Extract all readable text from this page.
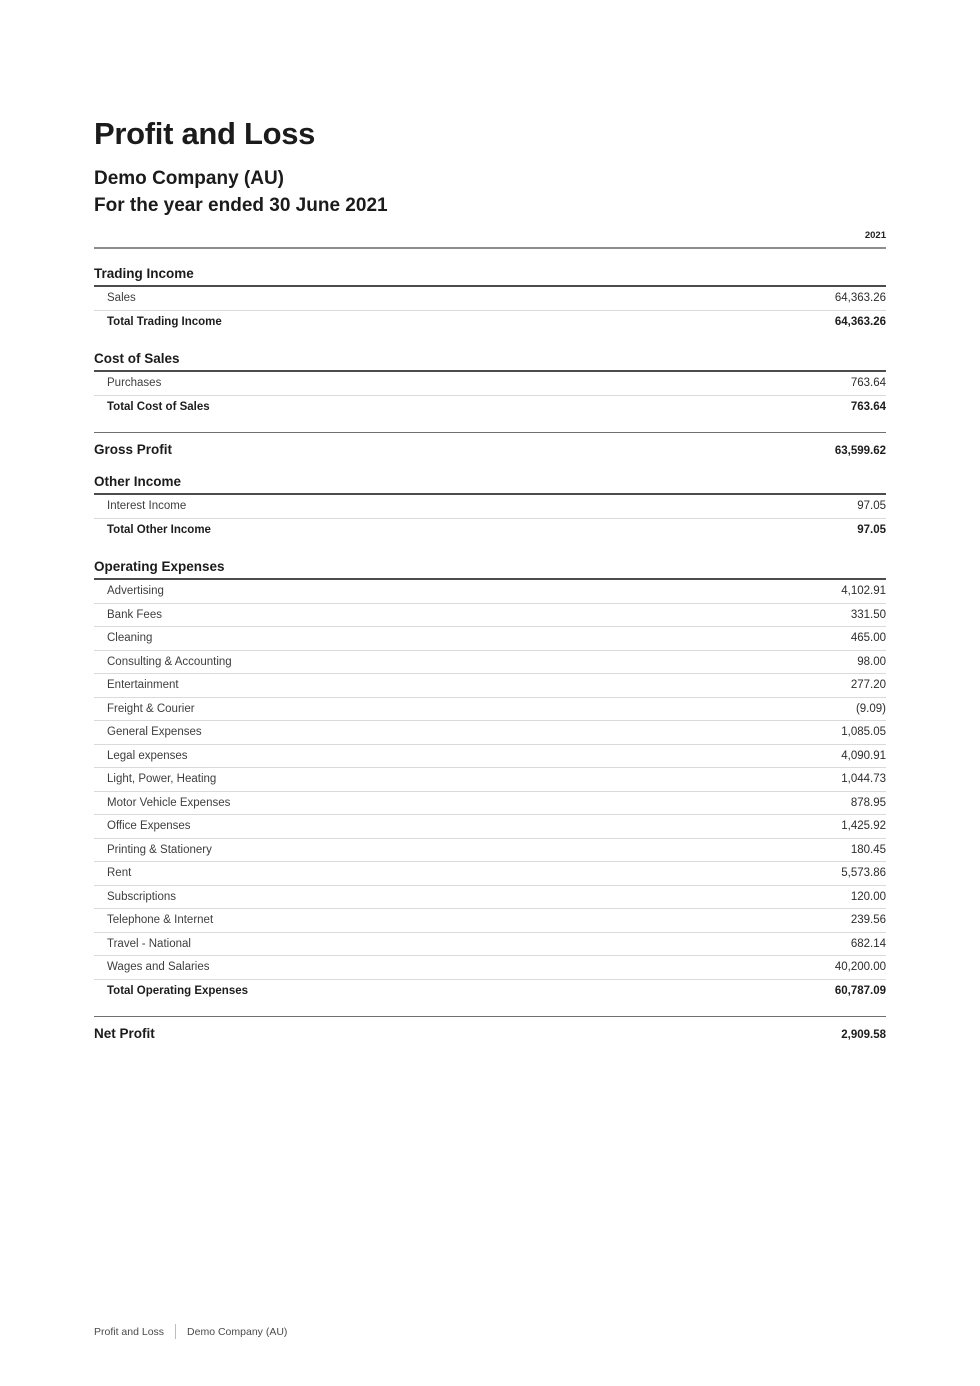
Profit and Loss
Demo Company (AU)
For the year ended 30 June 2021
2021
Trading Income
Sales	64,363.26
Total Trading Income	64,363.26
Cost of Sales
Purchases	763.64
Total Cost of Sales	763.64
Gross Profit	63,599.62
Other Income
Interest Income	97.05
Total Other Income	97.05
Operating Expenses
Advertising	4,102.91
Bank Fees	331.50
Cleaning	465.00
Consulting & Accounting	98.00
Entertainment	277.20
Freight & Courier	(9.09)
General Expenses	1,085.05
Legal expenses	4,090.91
Light, Power, Heating	1,044.73
Motor Vehicle Expenses	878.95
Office Expenses	1,425.92
Printing & Stationery	180.45
Rent	5,573.86
Subscriptions	120.00
Telephone & Internet	239.56
Travel - National	682.14
Wages and Salaries	40,200.00
Total Operating Expenses	60,787.09
Net Profit	2,909.58
Profit and Loss Demo Company (AU)
